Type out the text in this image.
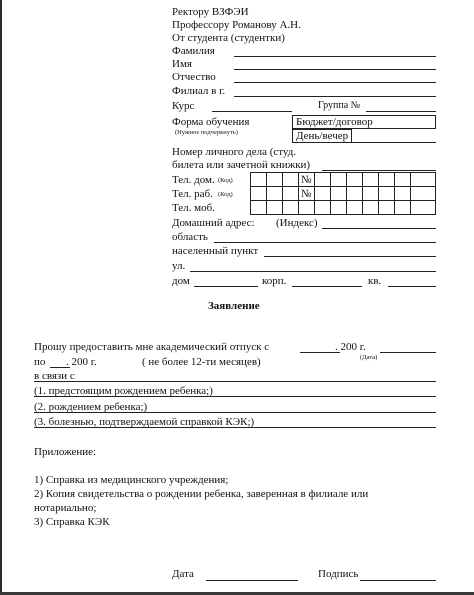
Ректору ВЗФЭИ
Профессору Романову А.Н.
От студента (студентки)
Фамилия
Имя
Отчество
Филиал в г.
Курс	Группа №
Форма обучения
(Нужное подчеркнуть)
Бюджет/договор
День/вечер
Номер личного дела (студ.
билета или зачетной книжки)
Тел. дом. (Код)	№
Тел. раб. (Код)	№
Тел. моб.
Домашний адрес: (Индекс)
область
населенный пункт
ул.
дом	корп.	кв.
Заявление
Прошу предоставить мне академический отпуск с	. 200 г.
(Дата)
по . 200 г.	( не более 12-ти месяцев)
в связи с
(1. предстоящим рождением ребенка;)
(2. рождением ребенка;)
(3. болезнью, подтверждаемой справкой КЭК;)
Приложение:
1) Справка из медицинского учреждения;
2) Копия свидетельства о рождении ребенка, заверенная в филиале или
нотариально;
3) Справка КЭК
Дата	Подпись
